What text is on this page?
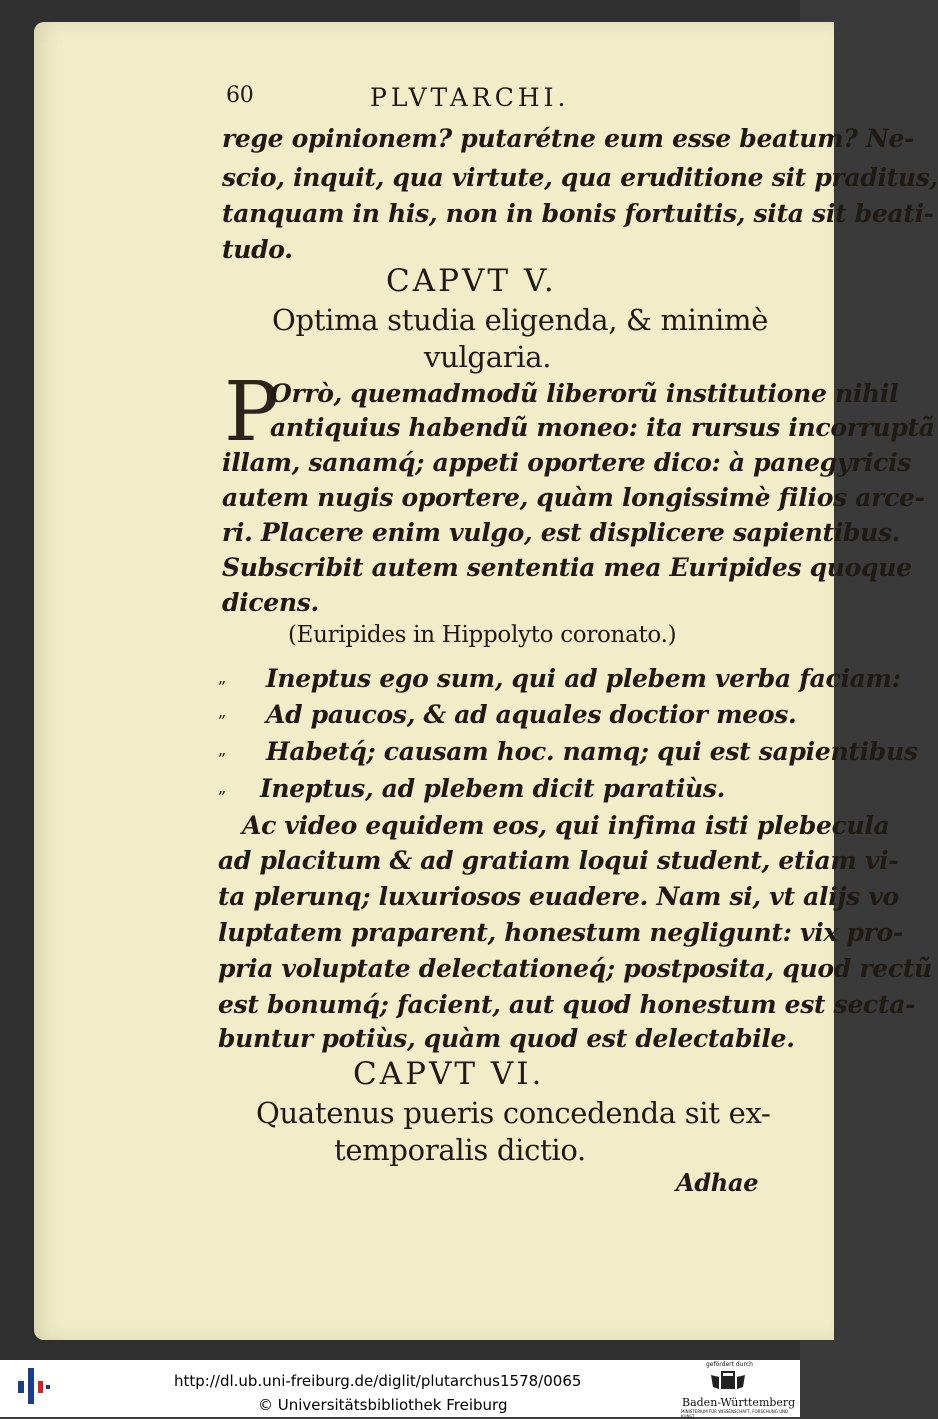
60	PLVTARCHI.
rege opinionem? putarétne eum esse beatum? Ne-
scio, inquit, qua virtute, qua eruditione sit praditus,
tanquam in his, non in bonis fortuitis, sita sit beati-
tudo.
CAPVT V.
Optima studia eligenda, & minimè
vulgaria.
P
Orrò, quemadmodũ liberorũ institutione nihil
antiquius habendũ moneo: ita rursus incorruptã
illam, sanamq́; appeti oportere dico: à panegyricis
autem nugis oportere, quàm longissimè filios arce-
ri. Placere enim vulgo, est displicere sapientibus.
Subscribit autem sententia mea Euripides quoque
dicens.
(Euripides in Hippolyto coronato.)
„ Ineptus ego sum, qui ad plebem verba faciam:
„ Ad paucos, & ad aquales doctior meos.
„ Habetq́; causam hoc. namq; qui est sapientibus
„ Ineptus, ad plebem dicit paratiùs.
Ac video equidem eos, qui infima isti plebecula
ad placitum & ad gratiam loqui student, etiam vi-
ta plerunq; luxuriosos euadere. Nam si, vt alijs vo
luptatem praparent, honestum negligunt: vix pro-
pria voluptate delectationeq́; postposita, quod rectũ
est bonumq́; facient, aut quod honestum est secta-
buntur potiùs, quàm quod est delectabile.
CAPVT VI.
Quatenus pueris concedenda sit ex-
temporalis dictio.
Adhae
http://dl.ub.uni-freiburg.de/diglit/plutarchus1578/0065
© Universitätsbibliothek Freiburg
gefördert durch
Baden-Württemberg
MINISTERIUM FÜR WISSENSCHAFT, FORSCHUNG UND KUNST
